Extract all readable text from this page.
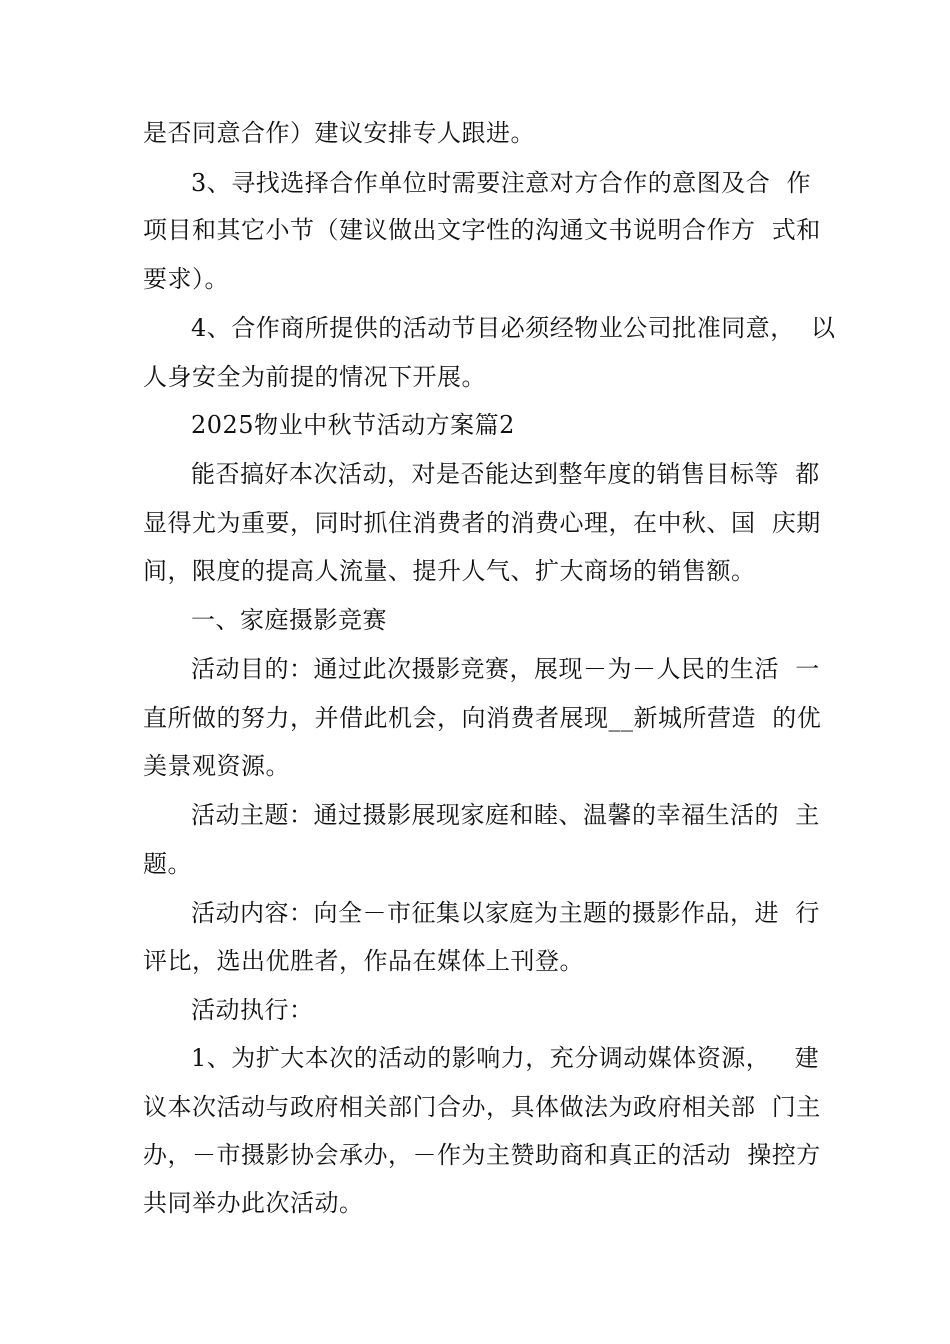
是否同意合作）建议安排专人跟进。
3、寻找选择合作单位时需要注意对方合作的意图及合  作
项目和其它小节（建议做出文字性的沟通文书说明合作方  式和
要求）。
4、合作商所提供的活动节目必须经物业公司批准同意，  以
人身安全为前提的情况下开展。
2025物业中秋节活动方案篇2
能否搞好本次活动，对是否能达到整年度的销售目标等  都
显得尤为重要，同时抓住消费者的消费心理，在中秋、国  庆期
间，限度的提高人流量、提升人气、扩大商场的销售额。
一、家庭摄影竞赛
活动目的：通过此次摄影竞赛，展现－为－人民的生活  一
直所做的努力，并借此机会，向消费者展现__新城所营造  的优
美景观资源。
活动主题：通过摄影展现家庭和睦、温馨的幸福生活的  主
题。
活动内容：向全－市征集以家庭为主题的摄影作品，进  行
评比，选出优胜者，作品在媒体上刊登。
活动执行：
1、为扩大本次的活动的影响力，充分调动媒体资源，   建
议本次活动与政府相关部门合办，具体做法为政府相关部  门主
办，－市摄影协会承办，－作为主赞助商和真正的活动  操控方
共同举办此次活动。
